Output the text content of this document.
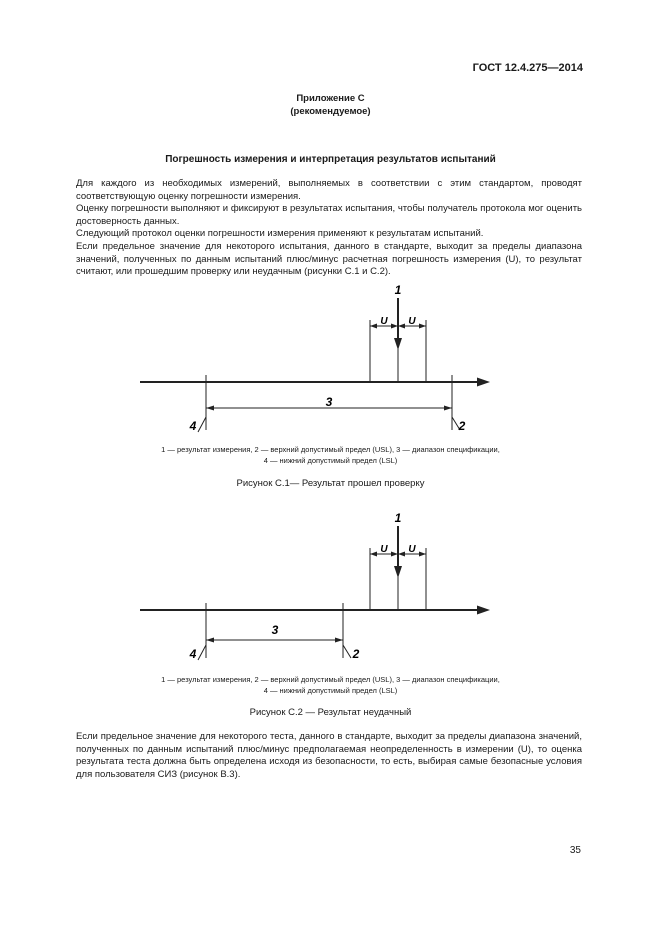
ГОСТ 12.4.275—2014
Приложение С
(рекомендуемое)
Погрешность измерения и интерпретация результатов испытаний

Для каждого из необходимых измерений, выполняемых в соответствии с этим стандартом, проводят соответствующую оценку погрешности измерения.

Оценку погрешности выполняют и фиксируют в результатах испытания, чтобы получатель протокола мог оценить достоверность данных.

Следующий протокол оценки погрешности измерения применяют к результатам испытаний.

Если предельное значение для некоторого испытания, данного в стандарте, выходит за пределы диапазона значений, полученных по данным испытаний плюс/минус расчетная погрешность измерения (U), то результат считают, или прошедшим проверку или неудачным (рисунки С.1 и С.2).

1
U U
3
4	2
1 — результат измерения, 2 — верхний допустимый предел (USL), 3 — диапазон спецификации,
4 — нижний допустимый предел (LSL)
Рисунок С.1— Результат прошел проверку
1
U U
3
4	2
1 — результат измерения, 2 — верхний допустимый предел (USL), 3 — диапазон спецификации,
4 — нижний допустимый предел (LSL)
Рисунок С.2 — Результат неудачный

Если предельное значение для некоторого теста, данного в стандарте, выходит за пределы диапазона значений, полученных по данным испытаний плюс/минус предполагаемая неопределенность в измерении (U), то оценка результата теста должна быть определена исходя из безопасности, то есть, выбирая самые безопасные условия для пользователя СИЗ (рисунок В.3).

35
